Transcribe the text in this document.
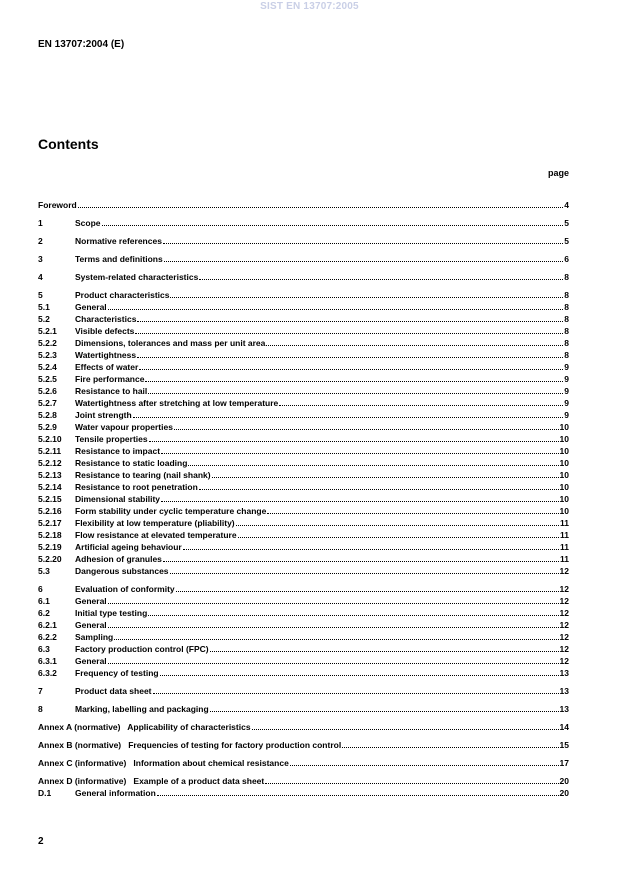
SIST EN 13707:2005
EN 13707:2004 (E)
Contents
page
Foreword	4
1	Scope	5
2	Normative references	5
3	Terms and definitions	6
4	System-related characteristics	8
5	Product characteristics	8
5.1	General	8
5.2	Characteristics	8
5.2.1	Visible defects	8
5.2.2	Dimensions, tolerances and mass per unit area	8
5.2.3	Watertightness	8
5.2.4	Effects of water	9
5.2.5	Fire performance	9
5.2.6	Resistance to hail	9
5.2.7	Watertightness after stretching at low temperature	9
5.2.8	Joint strength	9
5.2.9	Water vapour properties	10
5.2.10	Tensile properties	10
5.2.11	Resistance to impact	10
5.2.12	Resistance to static loading	10
5.2.13	Resistance to tearing (nail shank)	10
5.2.14	Resistance to root penetration	10
5.2.15	Dimensional stability	10
5.2.16	Form stability under cyclic temperature change	10
5.2.17	Flexibility at low temperature (pliability)	11
5.2.18	Flow resistance at elevated temperature	11
5.2.19	Artificial ageing behaviour	11
5.2.20	Adhesion of granules	11
5.3	Dangerous substances	12
6	Evaluation of conformity	12
6.1	General	12
6.2	Initial type testing	12
6.2.1	General	12
6.2.2	Sampling	12
6.3	Factory production control (FPC)	12
6.3.1	General	12
6.3.2	Frequency of testing	13
7	Product data sheet	13
8	Marking, labelling and packaging	13
Annex A (normative)   Applicability of characteristics	14
Annex B (normative)   Frequencies of testing for factory production control	15
Annex C (informative)   Information about chemical resistance	17
Annex D (informative)   Example of a product data sheet	20
D.1	General information	20
2
